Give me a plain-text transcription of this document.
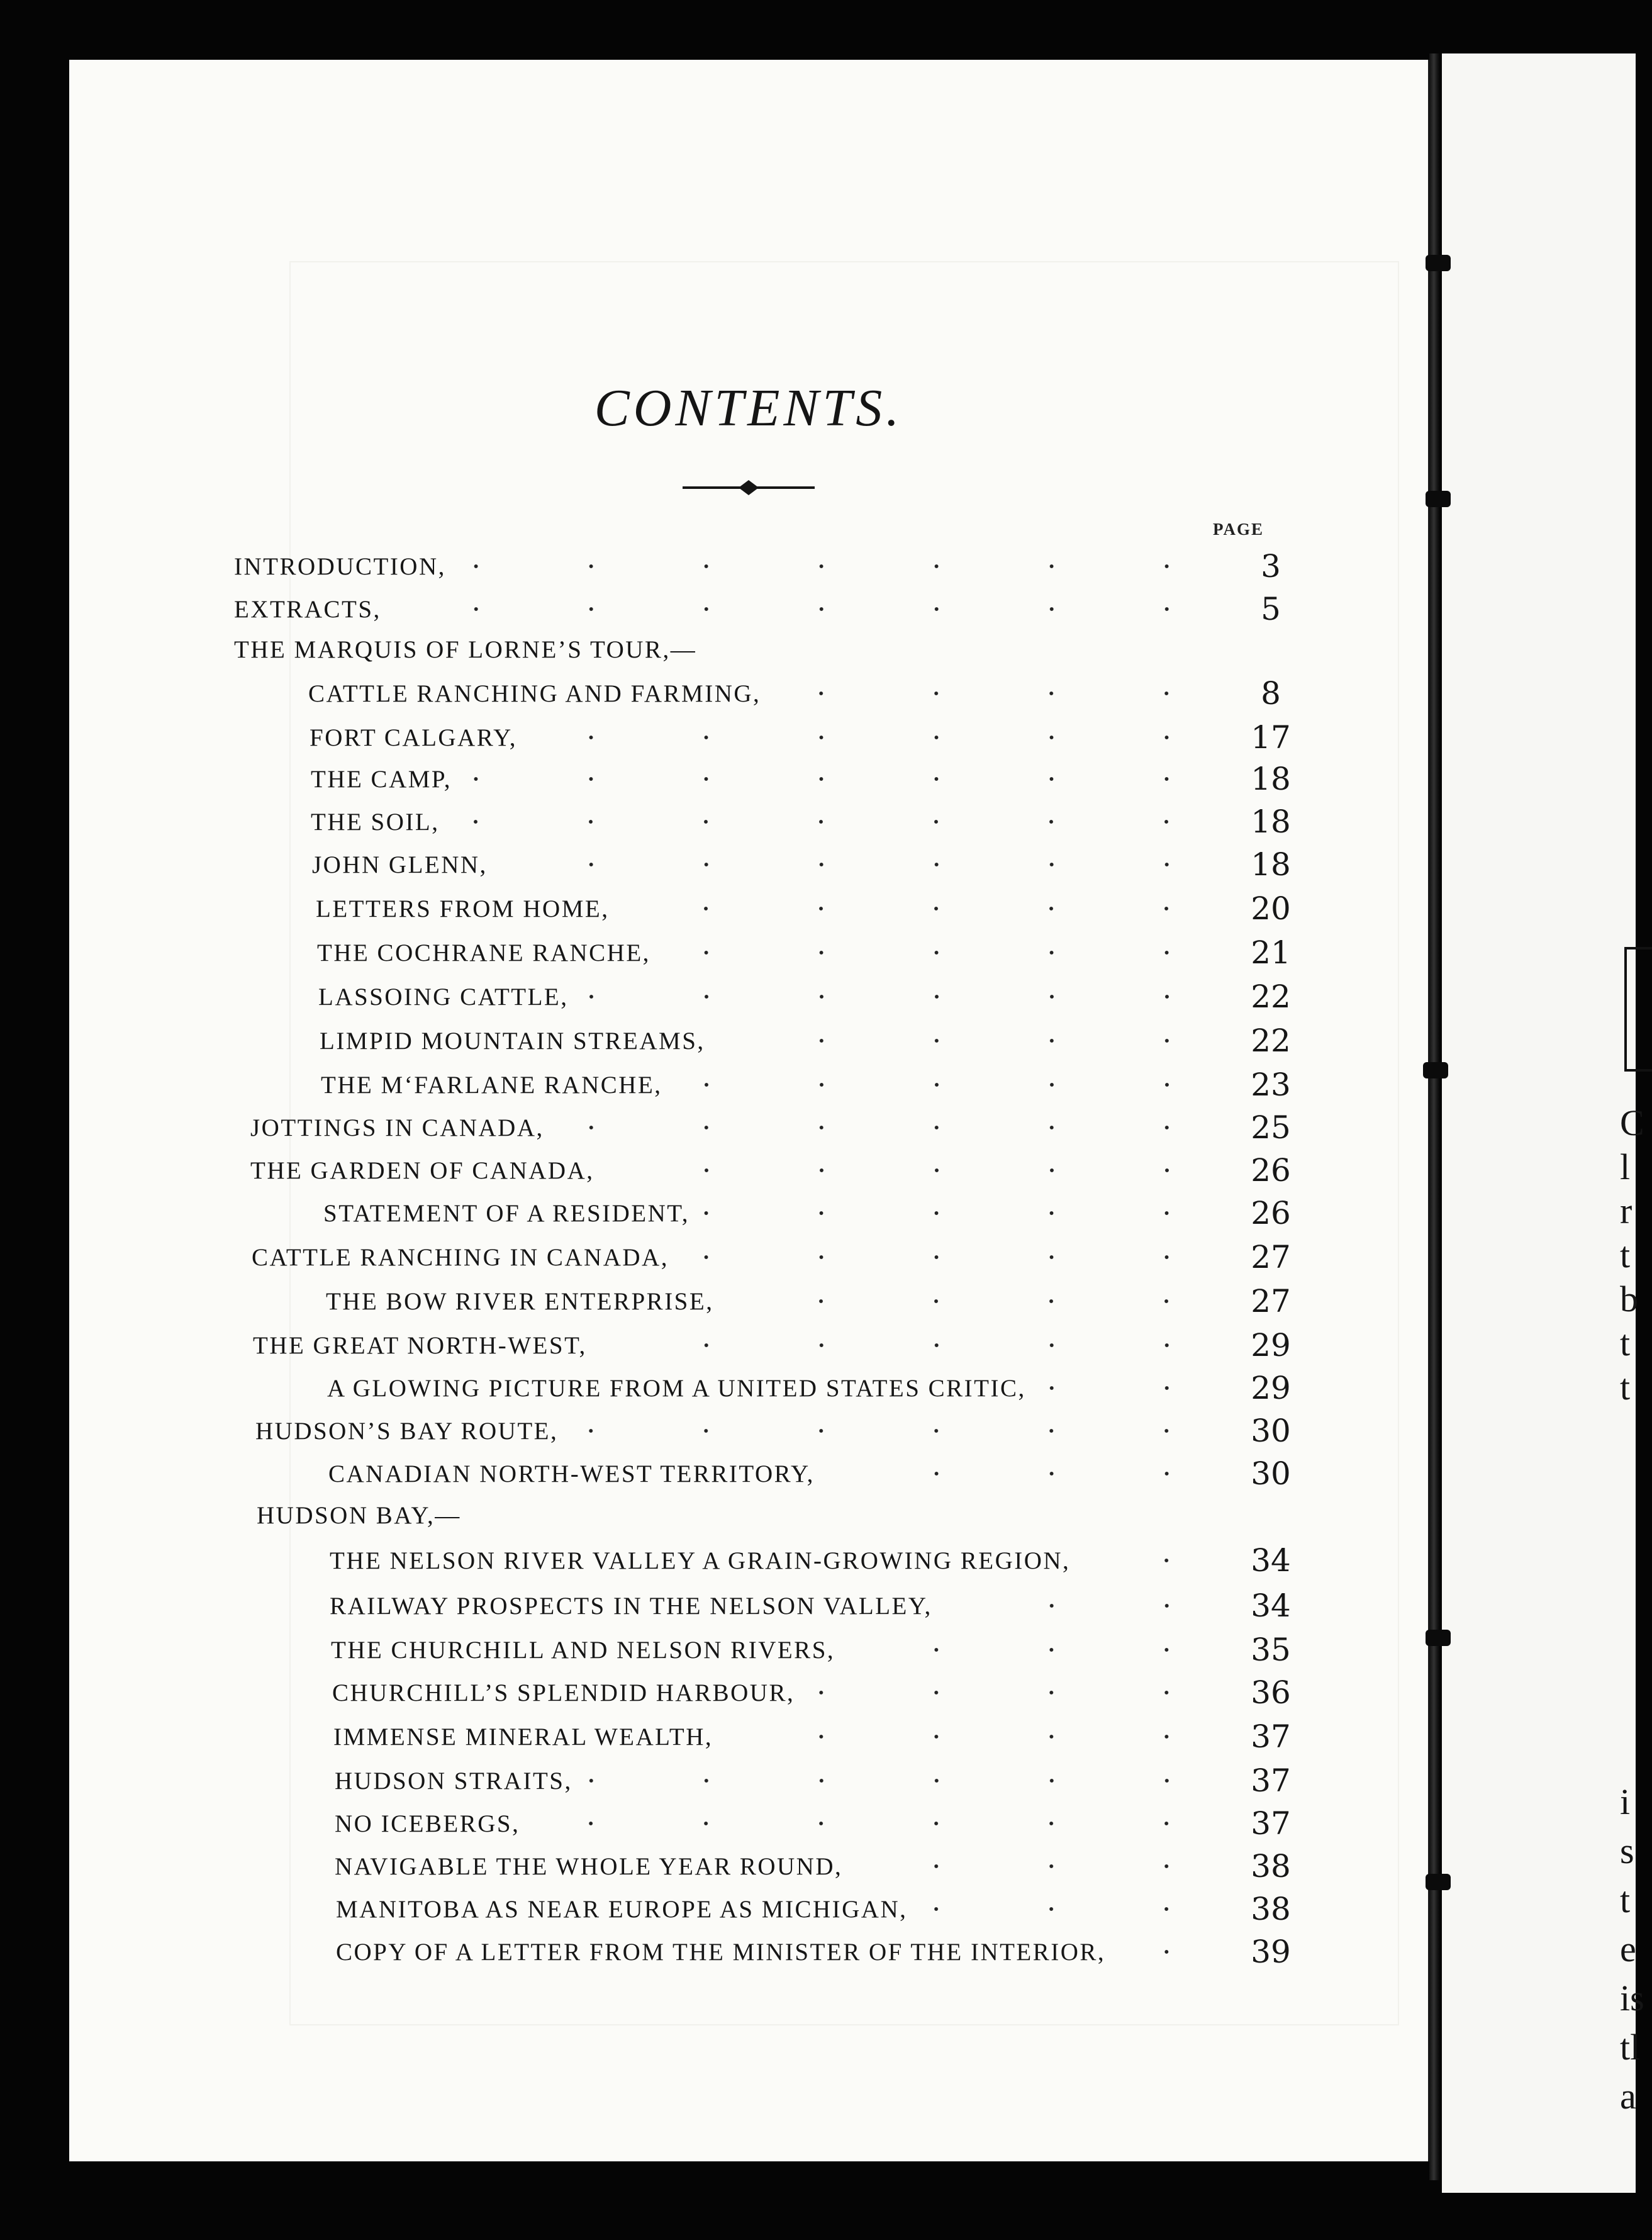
C
l
r
t
b
t
t
i
s
t
e
is
tl
a
CONTENTS.
PAGE
INTRODUCTION,	3
EXTRACTS,	5
THE MARQUIS OF LORNE’S TOUR,—
CATTLE RANCHING AND FARMING,	8
FORT CALGARY,	17
THE CAMP,	18
THE SOIL,	18
JOHN GLENN,	18
LETTERS FROM HOME,	20
THE COCHRANE RANCHE,	21
LASSOING CATTLE,	22
LIMPID MOUNTAIN STREAMS,	22
THE MʻFARLANE RANCHE,	23
JOTTINGS IN CANADA,	25
THE GARDEN OF CANADA,	26
STATEMENT OF A RESIDENT,	26
CATTLE RANCHING IN CANADA,	27
THE BOW RIVER ENTERPRISE,	27
THE GREAT NORTH-WEST,	29
A GLOWING PICTURE FROM A UNITED STATES CRITIC,	29
HUDSON’S BAY ROUTE,	30
CANADIAN NORTH-WEST TERRITORY,	30
HUDSON BAY,—
THE NELSON RIVER VALLEY A GRAIN-GROWING REGION,	34
RAILWAY PROSPECTS IN THE NELSON VALLEY,	34
THE CHURCHILL AND NELSON RIVERS,	35
CHURCHILL’S SPLENDID HARBOUR,	36
IMMENSE MINERAL WEALTH,	37
HUDSON STRAITS,	37
NO ICEBERGS,	37
NAVIGABLE THE WHOLE YEAR ROUND,	38
MANITOBA AS NEAR EUROPE AS MICHIGAN,	38
COPY OF A LETTER FROM THE MINISTER OF THE INTERIOR,	39
